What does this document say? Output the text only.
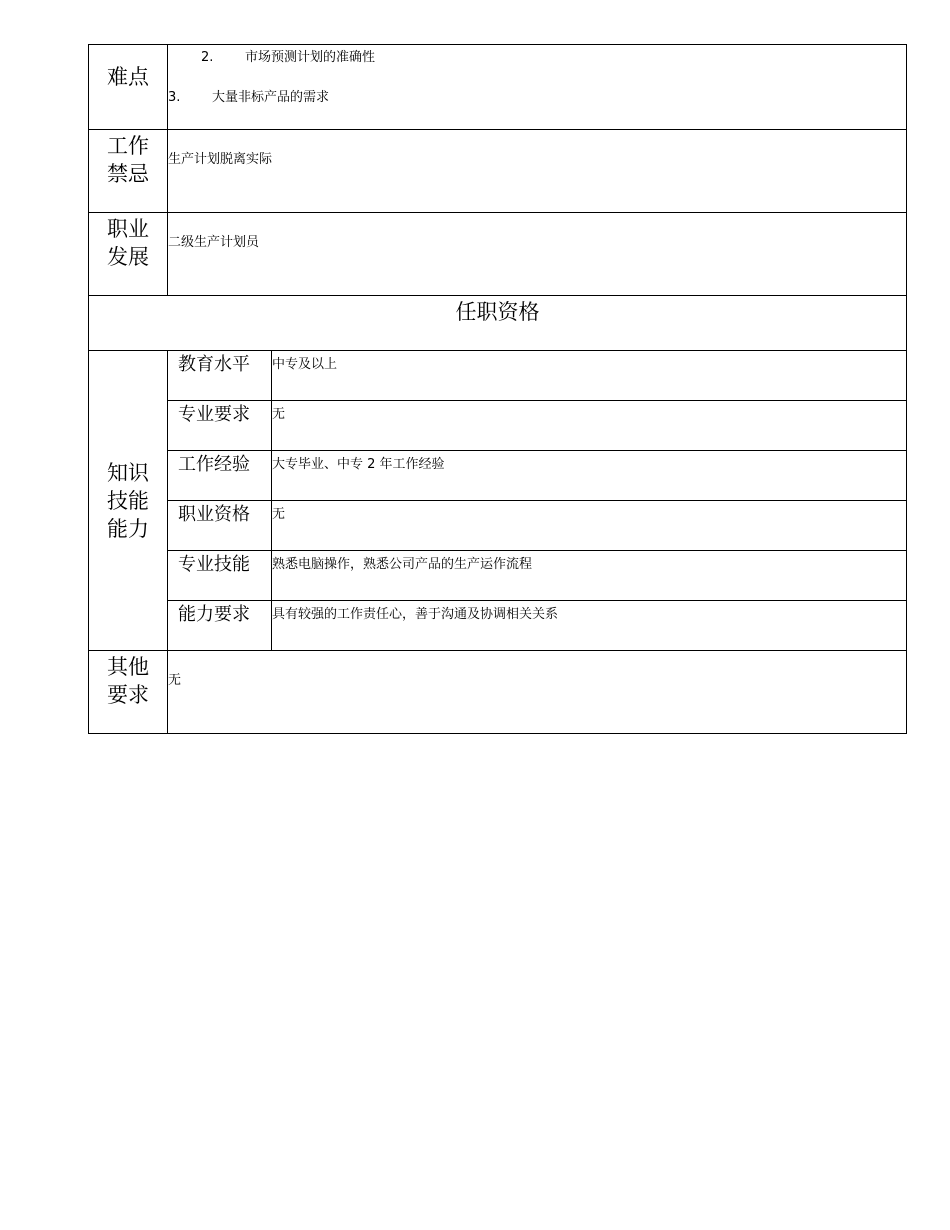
难点	2. 市场预测计划的准确性
3. 大量非标产品的需求	

工作
禁忌	生产计划脱离实际	

职业
发展	二级生产计划员	
任职资格		

知识
技能
能力	教育水平	中专及以上
	专业要求	无
	工作经验	大专毕业、中专 2 年工作经验
	职业资格	无
	专业技能	熟悉电脑操作，熟悉公司产品的生产运作流程
	能力要求	具有较强的工作责任心，善于沟通及协调相关关系

其他
要求	无	
